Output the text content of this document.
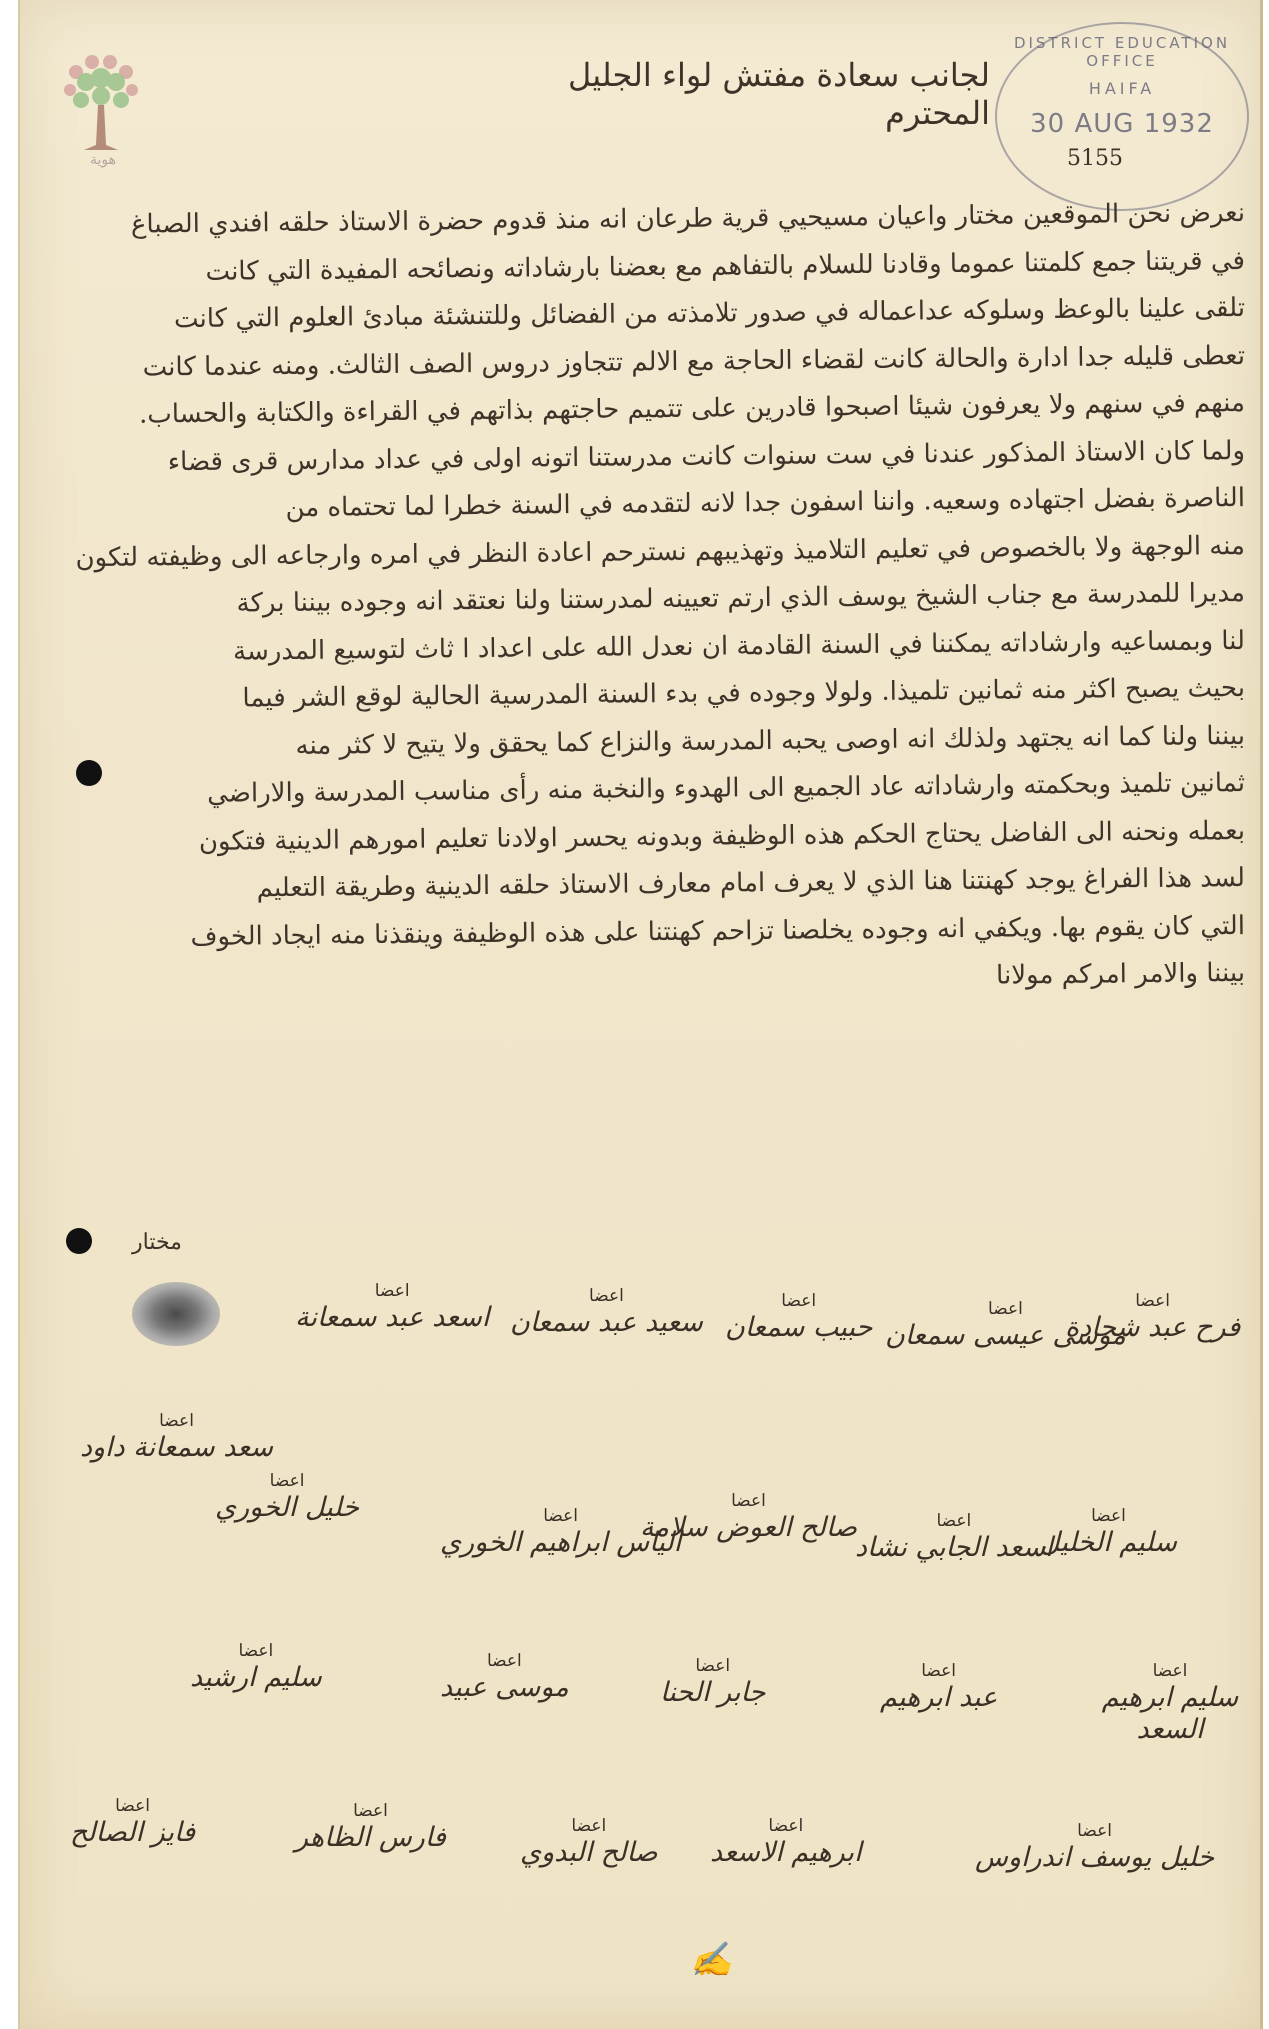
هوية
DISTRICT EDUCATION OFFICE
HAIFA
30 AUG 1932
5155
لجانب سعادة مفتش لواء الجليل المحترم
نعرض نحن الموقعين مختار واعيان مسيحيي قرية طرعان انه منذ قدوم حضرة الاستاذ حلقه افندي الصباغ
في قريتنا جمع كلمتنا عموما وقادنا للسلام بالتفاهم مع بعضنا بارشاداته ونصائحه المفيدة التي كانت
تلقى علينا بالوعظ وسلوكه عداعماله في صدور تلامذته من الفضائل وللتنشئة مبادئ العلوم التي كانت
تعطى قليله جدا ادارة والحالة كانت لقضاء الحاجة مع الالم تتجاوز دروس الصف الثالث. ومنه عندما كانت
منهم في سنهم ولا يعرفون شيئا اصبحوا قادرين على تتميم حاجتهم بذاتهم في القراءة والكتابة والحساب.
ولما كان الاستاذ المذكور عندنا في ست سنوات كانت مدرستنا اتونه اولى في عداد مدارس قرى قضاء
الناصرة بفضل اجتهاده وسعيه. واننا اسفون جدا لانه لتقدمه في السنة خطرا لما تحتماه من
منه الوجهة ولا بالخصوص في تعليم التلاميذ وتهذيبهم نسترحم اعادة النظر في امره وارجاعه الى وظيفته لتكون
مديرا للمدرسة مع جناب الشيخ يوسف الذي ارتم تعيينه لمدرستنا ولنا نعتقد انه وجوده بيننا بركة
لنا وبمساعيه وارشاداته يمكننا في السنة القادمة ان نعدل الله على اعداد ا ثاث لتوسيع المدرسة
بحيث يصبح اكثر منه ثمانين تلميذا. ولولا وجوده في بدء السنة المدرسية الحالية لوقع الشر فيما
بيننا ولنا كما انه يجتهد ولذلك انه اوصى يحبه المدرسة والنزاع كما يحقق ولا يتيح لا كثر منه
ثمانين تلميذ وبحكمته وارشاداته عاد الجميع الى الهدوء والنخبة منه رأى مناسب المدرسة والاراضي
بعمله ونحنه الى الفاضل يحتاج الحكم هذه الوظيفة وبدونه يحسر اولادنا تعليم امورهم الدينية فتكون
لسد هذا الفراغ يوجد كهنتنا هنا الذي لا يعرف امام معارف الاستاذ حلقه الدينية وطريقة التعليم
التي كان يقوم بها. ويكفي انه وجوده يخلصنا تزاحم كهنتنا على هذه الوظيفة وينقذنا منه ايجاد الخوف
بيننا والامر امركم مولانا
مختار
اعضا
فرح عبد شحادة
اعضا
موسى عيسى سمعان
اعضا
حبيب سمعان
اعضا
سعيد عبد سمعان
اعضا
اسعد عبد سمعانة
اعضا
سعد سمعانة داود
اعضا
خليل الخوري	اعضا
سليم الخليل
اعضا
اسعد الجابي نشاد
اعضا
صالح العوض سلامة
اعضا
الياس ابراهيم الخوري
اعضا
سليم ابرهيم السعد
اعضا
عبد ابرهيم
اعضا
جابر الحنا
اعضا
موسى عبيد
اعضا
سليم ارشيد
اعضا
خليل يوسف اندراوس
اعضا
ابرهيم الاسعد
اعضا
صالح البدوي
اعضا
فارس الظاهر
اعضا
فايز الصالح
✍
